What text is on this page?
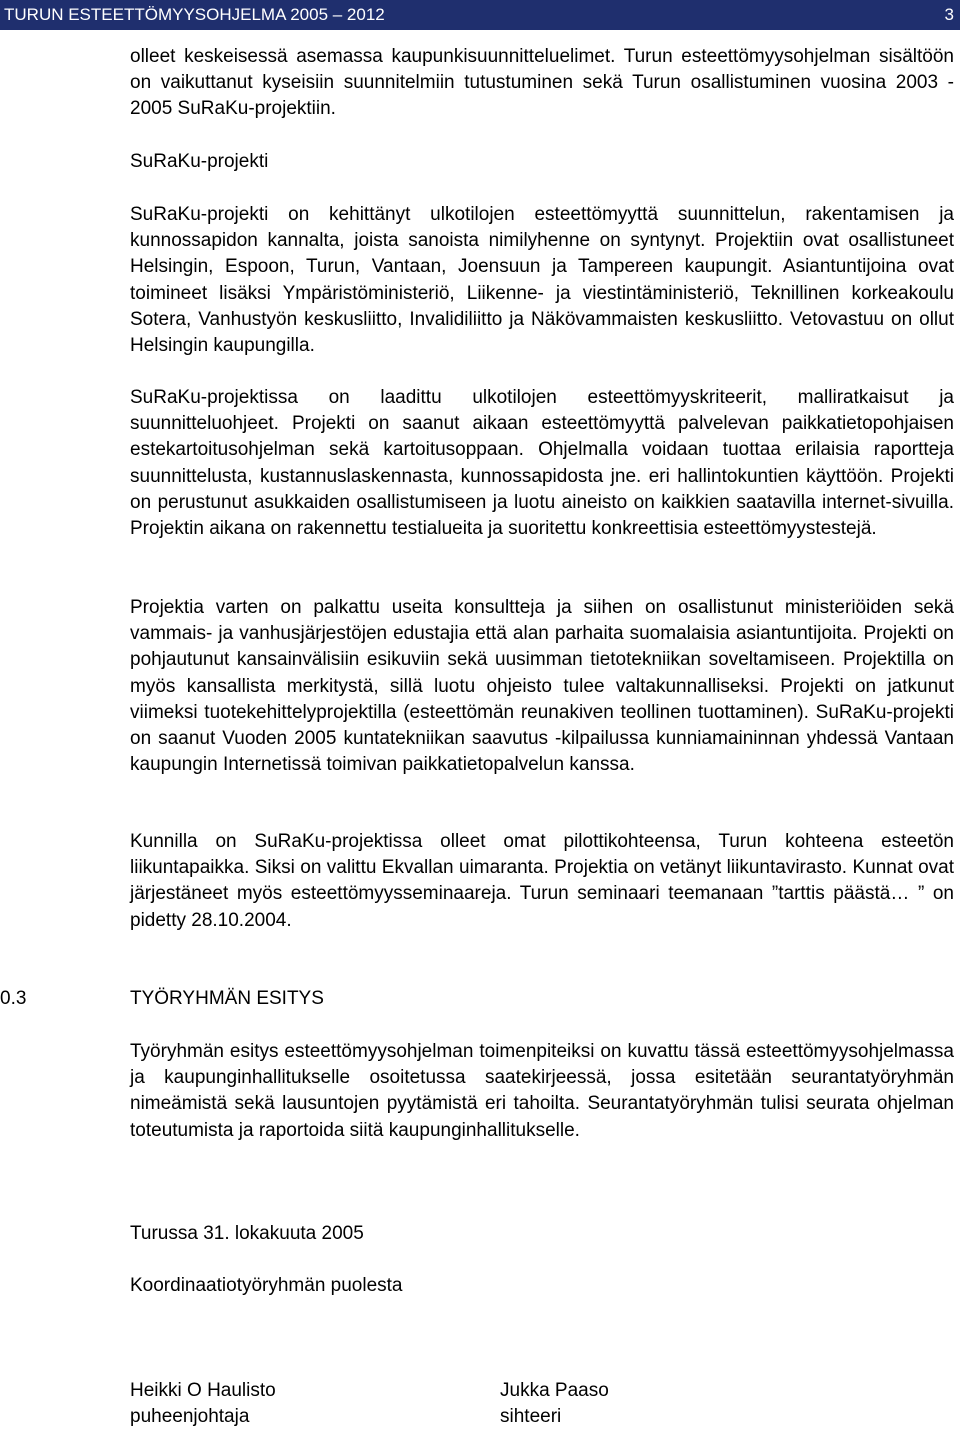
TURUN ESTEETTÖMYYSOHJELMA 2005 – 2012	3
olleet keskeisessä asemassa kaupunkisuunnitteluelimet. Turun esteettömyysohjelman sisältöön on vaikuttanut kyseisiin suunnitelmiin tutustuminen sekä Turun osallistuminen vuosina 2003 - 2005 SuRaKu-projektiin.
SuRaKu-projekti
SuRaKu-projekti on kehittänyt ulkotilojen esteettömyyttä suunnittelun, rakentamisen ja kunnossapidon kannalta, joista sanoista nimilyhenne on syntynyt. Projektiin ovat osallistuneet Helsingin, Espoon, Turun, Vantaan, Joensuun ja Tampereen kaupungit. Asiantuntijoina ovat toimineet lisäksi Ympäristöministeriö, Liikenne- ja viestintäministeriö, Teknillinen korkeakoulu Sotera, Vanhustyön keskusliitto, Invalidiliitto ja Näkövammaisten keskusliitto. Vetovastuu on ollut Helsingin kaupungilla.
SuRaKu-projektissa on laadittu ulkotilojen esteettömyyskriteerit, malliratkaisut ja suunnitteluohjeet. Projekti on saanut aikaan esteettömyyttä palvelevan paikkatietopohjaisen estekartoitusohjelman sekä kartoitusoppaan. Ohjelmalla voidaan tuottaa erilaisia raportteja suunnittelusta, kustannuslaskennasta, kunnossapidosta jne. eri hallintokuntien käyttöön. Projekti on perustunut asukkaiden osallistumiseen ja luotu aineisto on kaikkien saatavilla internet-sivuilla. Projektin aikana on rakennettu testialueita ja suoritettu konkreettisia esteettömyystestejä.
Projektia varten on palkattu useita konsultteja ja siihen on osallistunut ministeriöiden sekä vammais- ja vanhusjärjestöjen edustajia että alan parhaita suomalaisia asiantuntijoita. Projekti on pohjautunut kansainvälisiin esikuviin sekä uusimman tietotekniikan soveltamiseen. Projektilla on myös kansallista merkitystä, sillä luotu ohjeisto tulee valtakunnalliseksi. Projekti on jatkunut viimeksi tuotekehittelyprojektilla (esteettömän reunakiven teollinen tuottaminen). SuRaKu-projekti on saanut Vuoden 2005 kuntatekniikan saavutus -kilpailussa kunniamaininnan yhdessä Vantaan kaupungin Internetissä toimivan paikkatietopalvelun kanssa.
Kunnilla on SuRaKu-projektissa olleet omat pilottikohteensa, Turun kohteena esteetön liikuntapaikka. Siksi on valittu Ekvallan uimaranta. Projektia on vetänyt liikuntavirasto. Kunnat ovat järjestäneet myös esteettömyysseminaareja. Turun seminaari teemanaan ”tarttis päästä… ” on pidetty 28.10.2004.
0.3	TYÖRYHMÄN ESITYS
Työryhmän esitys esteettömyysohjelman toimenpiteiksi on kuvattu tässä esteettömyysohjelmassa ja kaupunginhallitukselle osoitetussa saatekirjeessä, jossa esitetään seurantatyöryhmän nimeämistä sekä lausuntojen pyytämistä eri tahoilta. Seurantatyöryhmän tulisi seurata ohjelman toteutumista ja raportoida siitä kaupunginhallitukselle.
Turussa 31. lokakuuta 2005
Koordinaatiotyöryhmän puolesta
Heikki O Haulisto
puheenjohtaja
Jukka Paaso
sihteeri
